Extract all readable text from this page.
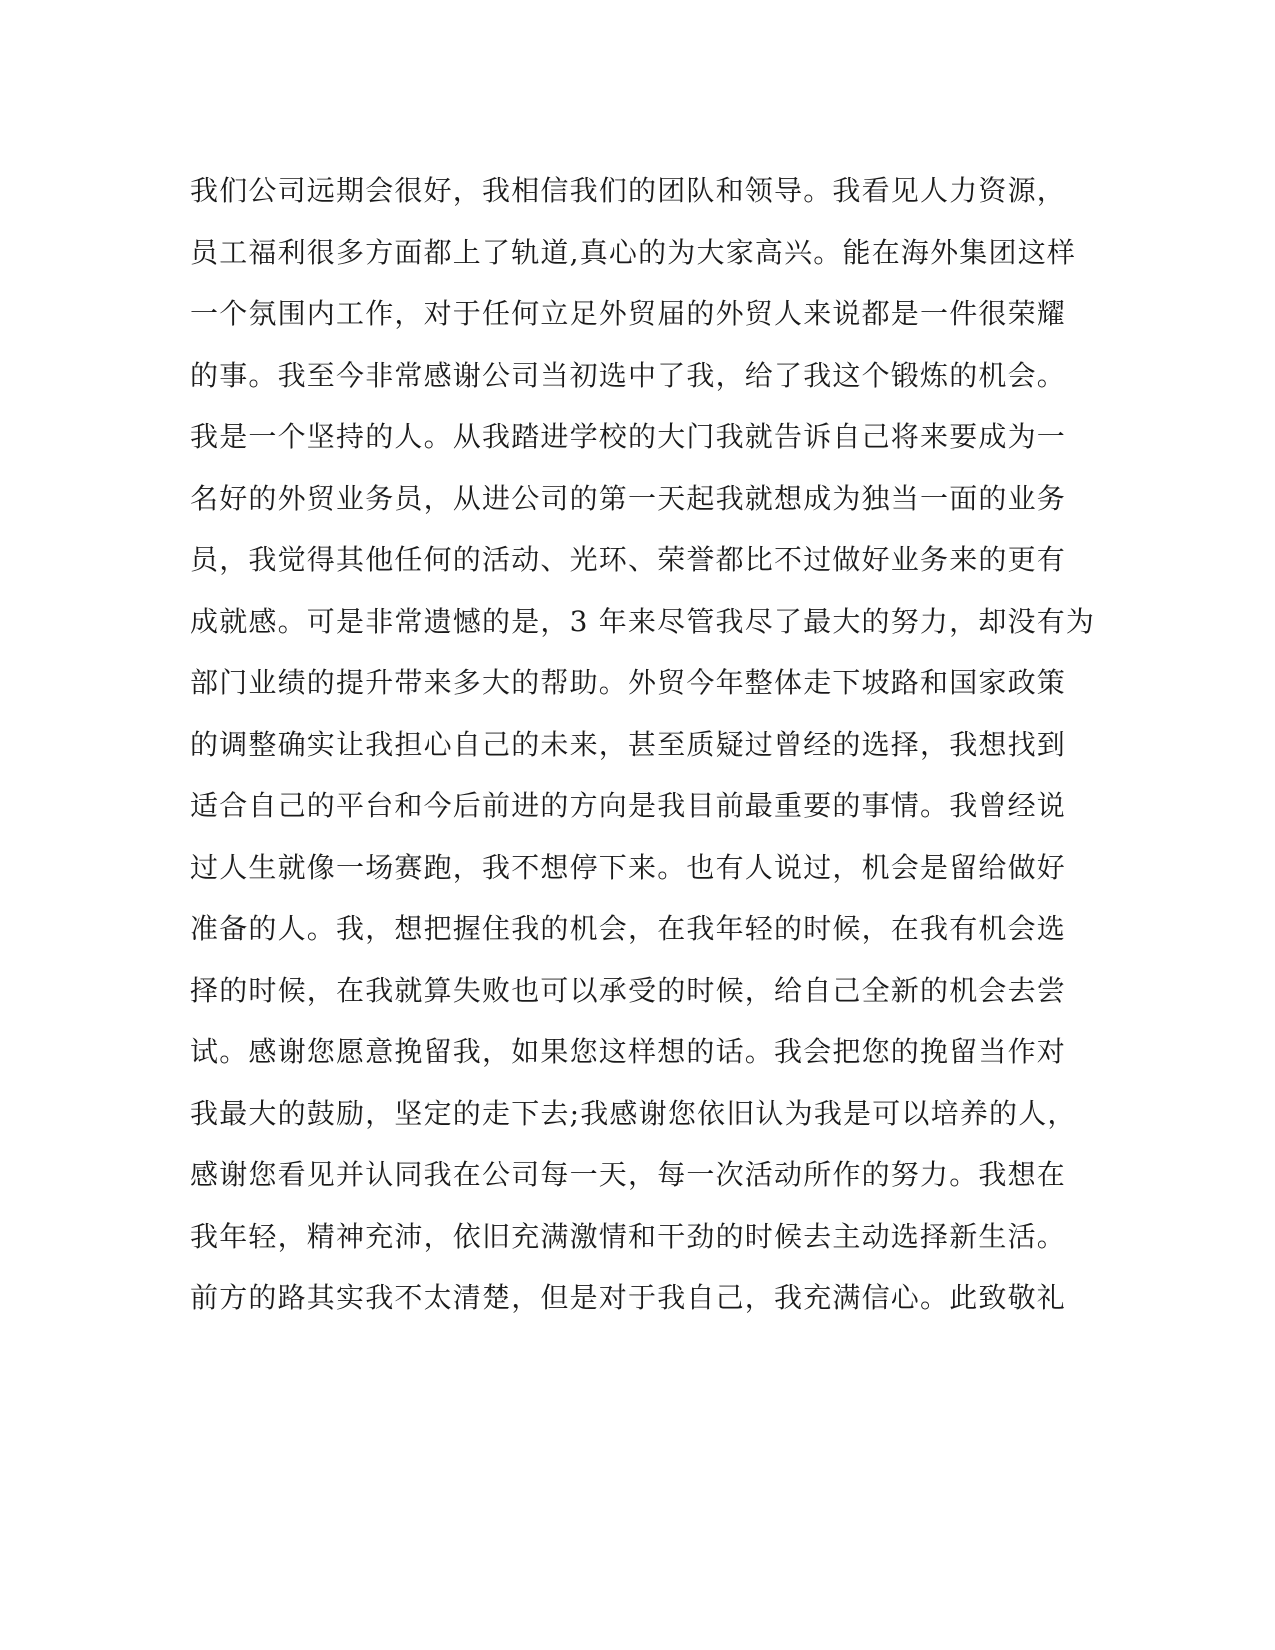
我们公司远期会很好，我相信我们的团队和领导。我看见人力资源，
员工福利很多方面都上了轨道,真心的为大家高兴。能在海外集团这样
一个氛围内工作，对于任何立足外贸届的外贸人来说都是一件很荣耀
的事。我至今非常感谢公司当初选中了我，给了我这个锻炼的机会。
我是一个坚持的人。从我踏进学校的大门我就告诉自己将来要成为一
名好的外贸业务员，从进公司的第一天起我就想成为独当一面的业务
员，我觉得其他任何的活动、光环、荣誉都比不过做好业务来的更有
成就感。可是非常遗憾的是，3 年来尽管我尽了最大的努力，却没有为
部门业绩的提升带来多大的帮助。外贸今年整体走下坡路和国家政策
的调整确实让我担心自己的未来，甚至质疑过曾经的选择，我想找到
适合自己的平台和今后前进的方向是我目前最重要的事情。我曾经说
过人生就像一场赛跑，我不想停下来。也有人说过，机会是留给做好
准备的人。我，想把握住我的机会，在我年轻的时候，在我有机会选
择的时候，在我就算失败也可以承受的时候，给自己全新的机会去尝
试。感谢您愿意挽留我，如果您这样想的话。我会把您的挽留当作对
我最大的鼓励，坚定的走下去;我感谢您依旧认为我是可以培养的人，
感谢您看见并认同我在公司每一天，每一次活动所作的努力。我想在
我年轻，精神充沛，依旧充满激情和干劲的时候去主动选择新生活。
前方的路其实我不太清楚，但是对于我自己，我充满信心。此致敬礼
